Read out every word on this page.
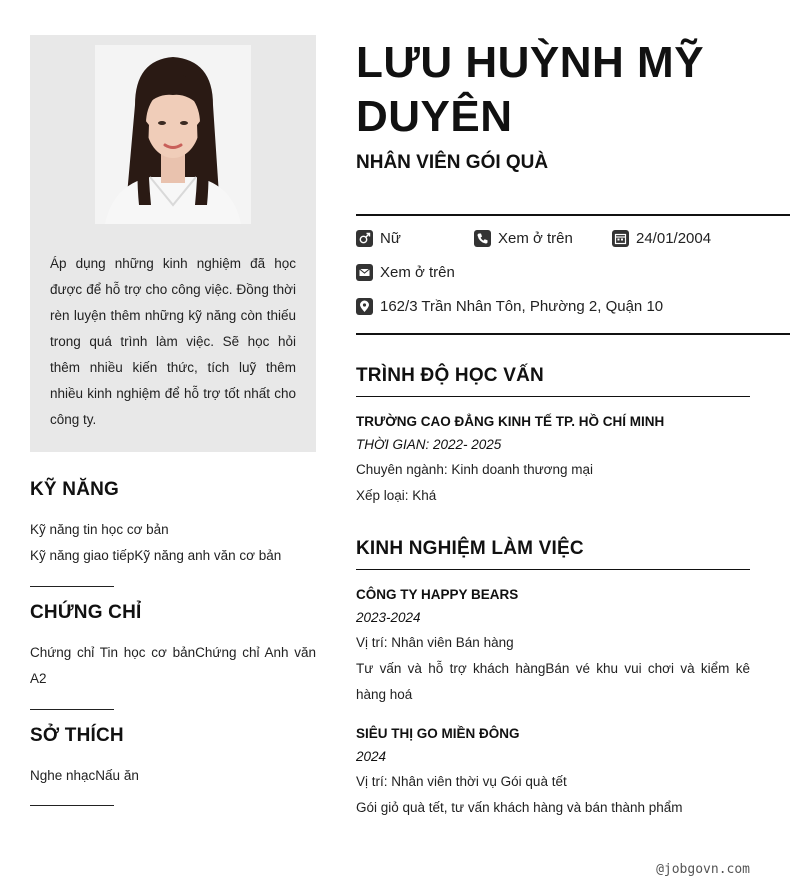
Áp dụng những kinh nghiệm đã học được để hỗ trợ cho công việc. Đồng thời rèn luyện thêm những kỹ năng còn thiếu trong quá trình làm việc. Sẽ học hỏi thêm nhiều kiến thức, tích luỹ thêm nhiều kinh nghiệm để hỗ trợ tốt nhất cho công ty.
KỸ NĂNG
Kỹ năng tin học cơ bản
Kỹ năng giao tiếpKỹ năng anh văn cơ bản
CHỨNG CHỈ
Chứng chỉ Tin học cơ bảnChứng chỉ Anh văn A2
SỞ THÍCH
Nghe nhạcNấu ăn
LƯU HUỲNH MỸ DUYÊN
NHÂN VIÊN GÓI QUÀ
Nữ	Xem ở trên	24/01/2004
Xem ở trên
162/3 Trần Nhân Tôn, Phường 2, Quận 10
TRÌNH ĐỘ HỌC VẤN
TRƯỜNG CAO ĐẲNG KINH TẾ TP. HỒ CHÍ MINH
THỜI GIAN: 2022- 2025
Chuyên ngành: Kinh doanh thương mại
Xếp loại: Khá
KINH NGHIỆM LÀM VIỆC
CÔNG TY HAPPY BEARS
2023-2024
Vị trí: Nhân viên Bán hàng
Tư vấn và hỗ trợ khách hàngBán vé khu vui chơi và kiểm kê hàng hoá
SIÊU THỊ GO MIỀN ĐÔNG
2024
Vị trí: Nhân viên thời vụ Gói quà tết
Gói giỏ quà tết, tư vấn khách hàng và bán thành phẩm
@jobgovn.com
